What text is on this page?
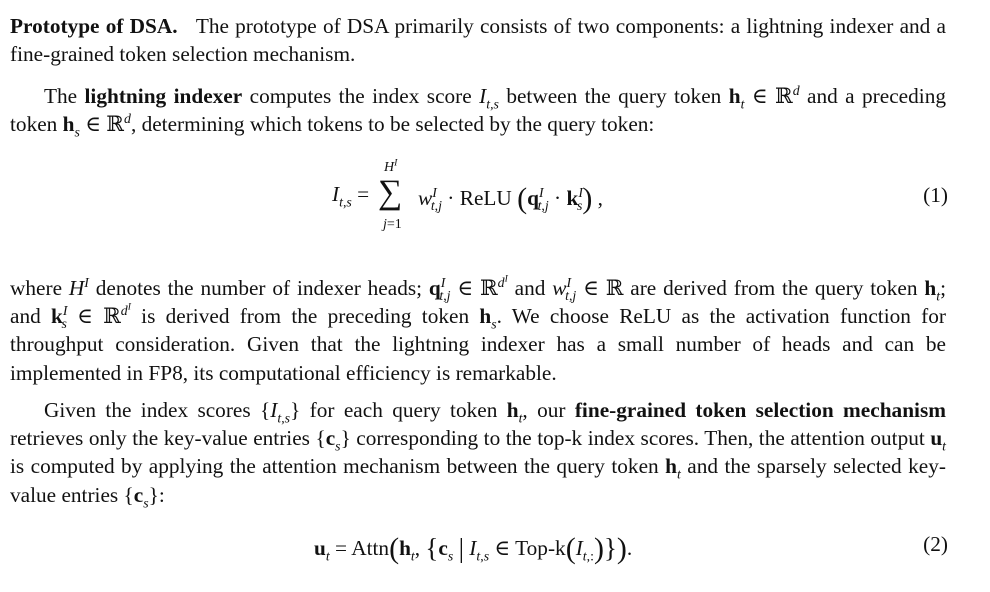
Prototype of DSA. The prototype of DSA primarily consists of two components: a lightning indexer and a fine-grained token selection mechanism.

The lightning indexer computes the index score $I_{t,s}$ between the query token $h_t$ ∈ ℝ$^d$ and a preceding token $h_s$ ∈ ℝ$^d$, determining which tokens to be selected by the query token:

$I_{t,s}$ =
$H^I$
∑
j=1
$w^I_{t,j}$ · ReLU $(q^I_{t,j} \cdot k^I_s)$ ,	(1)

where $H^I$ denotes the number of indexer heads; $q^I_{t,j}$ ∈ ℝ$^{d^I}$ and $w^I_{t,j}$ ∈ ℝ are derived from the query token $h_t$; and $k^I_s$ ∈ ℝ$^{d^I}$ is derived from the preceding token $h_s$. We choose ReLU as the activation function for throughput consideration. Given that the lightning indexer has a small number of heads and can be implemented in FP8, its computational efficiency is remarkable.

Given the index scores $\{I_{t,s}\}$ for each query token $h_t$, our fine-grained token selection mechanism retrieves only the key-value entries $\{c_s\}$ corresponding to the top-k index scores. Then, the attention output $u_t$ is computed by applying the attention mechanism between the query token $h_t$ and the sparsely selected key-value entries $\{c_s\}$:

$u_t$ = $Attn(h_t$, {$c_s$ | $I_{t,s}$ ∈ Top-$k(I_{t,:})$}).	(2)
